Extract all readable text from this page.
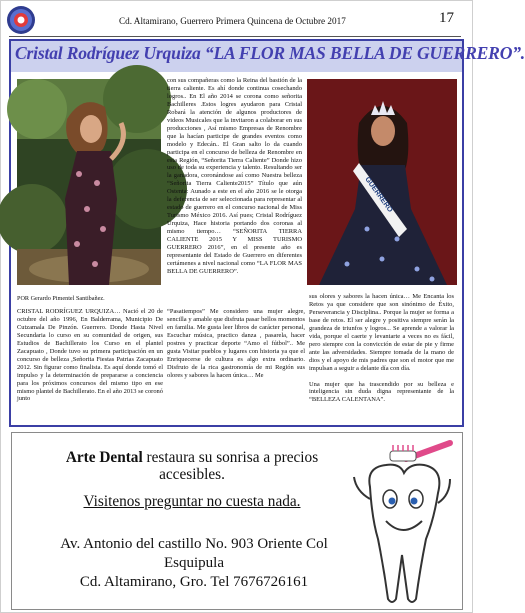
Cd. Altamirano, Guerrero Primera Quincena de Octubre 2017	17
Cristal Rodríguez Urquiza “LA FLOR MAS BELLA DE GUERRERO”.
POR Gerardo Pimentel Santibañez.
CRISTAL RODRÍGUEZ URQUIZA… Nació el 20 de octubre del año 1996, En Balderrama, Municipio De Cutzamala De Pinzón. Guerrero. Donde Hasta Nivel Secundaria lo curso en su comunidad de origen, sus Estudios de Bachillerato los Curso en el plantel Zacapuato , Donde tuvo su primera participación en un concurso de belleza ,Señorita Fiestas Patrias Zacapuato 2012. Sin figurar como finalista. Es aquí donde tomó el impulso y la determinación de prepararse a conciencia para los próximos concursos del mismo tipo en ese mismo plantel de Bachillerato. En el año 2013 se coronó junto
con sus compañeras como la Reina del bastión de la tierra caliente. Es ahí donde continua cosechando logros.. En El año 2014 se corona como señorita Bachilleres .Estos logres ayudaron para Cristal Robará la atención de algunos productores de videos Musicales que la invitaron a colaborar en sus producciones , Así mismo Empresas de Renombre que la hacían participe de grandes eventos como modelo y Edecán.. El Gran salto lo da cuando participa en el concurso de belleza de Renombre en esta Región, “Señorita Tierra Caliente” Donde hizo uso de toda su experiencia y talento. Resultando ser la ganadora, coronándose así como Nuestra belleza “Señorita Tierra Caliente2015” Título que aún Ostenta: Aunado a este en el año 2016 se le otorga la deferencia de ser seleccionada para representar al estado de guerrero en el concurso nacional de Miss Turismo México 2016. Así pues; Cristal Rodríguez Urquiza, Hace historia portando dos coronas al mismo tiempo… “SEÑORITA TIERRA CALIENTE 2015 Y MISS TURISMO GUERRERO 2016”, en el presente año es representante del Estado de Guerrero en diferentes certámenes a nivel nacional como “LA FLOR MAS BELLA DE GUERRERO”.
“Pasatiempos” Me considero una mujer alegre, sencilla y amable que disfruta pasar bellos momentos en familia. Me gusta leer libros de carácter personal, Escuchar música, practico danza , pasarela, hacer postres y practicar deporte “Amo el fútbol”.. Me gusta Visitar pueblos y lugares con historia ya que el Enriquecerse de cultura es algo extra ordinario. Disfruto de la rica gastronomía de mi Región sus olores y sabores la hacen única… Me
sus olores y sabores la hacen única… Me Encanta los Retos ya que considere que son sinónimo de Éxito, Perseverancia y Disciplina.. Porque la mujer se forma a base de retos. El ser alegre y positiva siempre serán la grandeza de triunfos y logros... Se aprende a valorar la vida, porque el caerte y levantarte a veces no es fácil, pero siempre con la convicción de estar de pie y firme ante las adversidades. Siempre tomada de la mano de dios y el apoyo de mis padres que son el motor que me impulsan a seguir a delante día con día.
Una mujer que ha trascendido por su belleza e inteligencia sin duda digna representante de la “BELLEZA CALENTANA”.
GUERRERO
Arte Dental restaura su sonrisa a precios accesibles.
Visitenos preguntar no cuesta nada.
Av. Antonio del castillo No. 903 Oriente Col
Esquipula
Cd. Altamirano, Gro. Tel 7676726161
